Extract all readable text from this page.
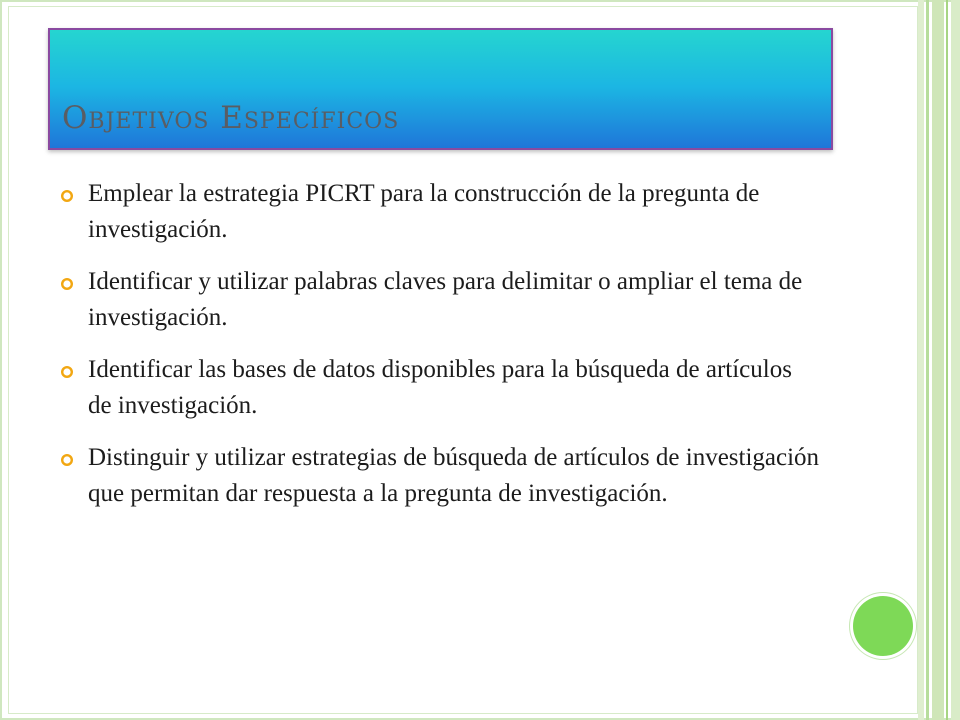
Objetivos Específicos
Emplear la estrategia PICRT para la construcción de la pregunta de investigación.
Identificar y utilizar palabras claves para delimitar o ampliar el tema de investigación.
Identificar las bases de datos disponibles para la búsqueda de artículos de investigación.
Distinguir y utilizar estrategias de búsqueda de artículos de investigación que permitan dar respuesta a la pregunta de investigación.
